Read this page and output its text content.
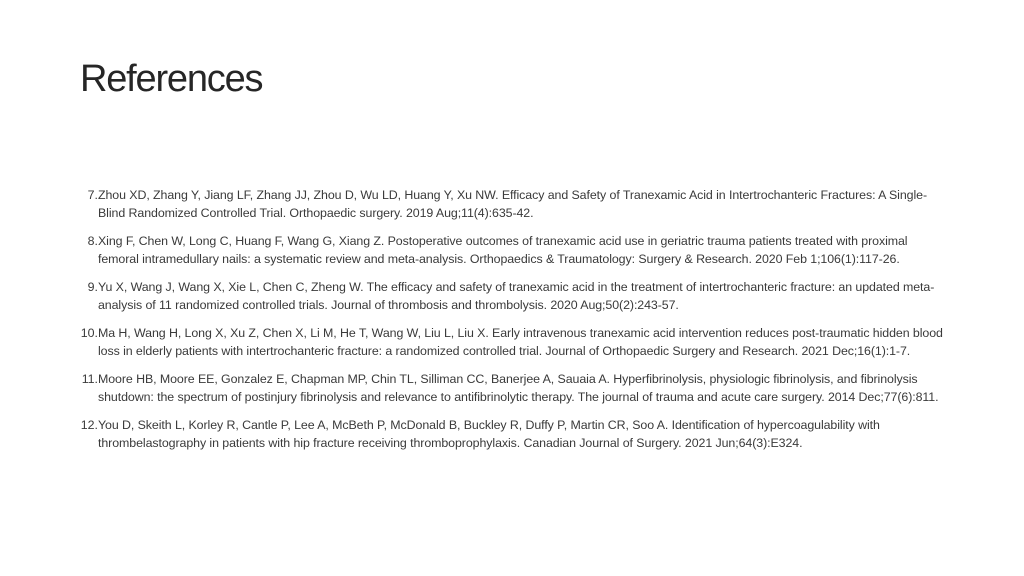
References
7. Zhou XD, Zhang Y, Jiang LF, Zhang JJ, Zhou D, Wu LD, Huang Y, Xu NW. Efficacy and Safety of Tranexamic Acid in Intertrochanteric Fractures: A Single-Blind Randomized Controlled Trial. Orthopaedic surgery. 2019 Aug;11(4):635-42.
8. Xing F, Chen W, Long C, Huang F, Wang G, Xiang Z. Postoperative outcomes of tranexamic acid use in geriatric trauma patients treated with proximal femoral intramedullary nails: a systematic review and meta-analysis. Orthopaedics & Traumatology: Surgery & Research. 2020 Feb 1;106(1):117-26.
9. Yu X, Wang J, Wang X, Xie L, Chen C, Zheng W. The efficacy and safety of tranexamic acid in the treatment of intertrochanteric fracture: an updated meta-analysis of 11 randomized controlled trials. Journal of thrombosis and thrombolysis. 2020 Aug;50(2):243-57.
10. Ma H, Wang H, Long X, Xu Z, Chen X, Li M, He T, Wang W, Liu L, Liu X. Early intravenous tranexamic acid intervention reduces post-traumatic hidden blood loss in elderly patients with intertrochanteric fracture: a randomized controlled trial. Journal of Orthopaedic Surgery and Research. 2021 Dec;16(1):1-7.
11. Moore HB, Moore EE, Gonzalez E, Chapman MP, Chin TL, Silliman CC, Banerjee A, Sauaia A. Hyperfibrinolysis, physiologic fibrinolysis, and fibrinolysis shutdown: the spectrum of postinjury fibrinolysis and relevance to antifibrinolytic therapy. The journal of trauma and acute care surgery. 2014 Dec;77(6):811.
12. You D, Skeith L, Korley R, Cantle P, Lee A, McBeth P, McDonald B, Buckley R, Duffy P, Martin CR, Soo A. Identification of hypercoagulability with thrombelastography in patients with hip fracture receiving thromboprophylaxis. Canadian Journal of Surgery. 2021 Jun;64(3):E324.
